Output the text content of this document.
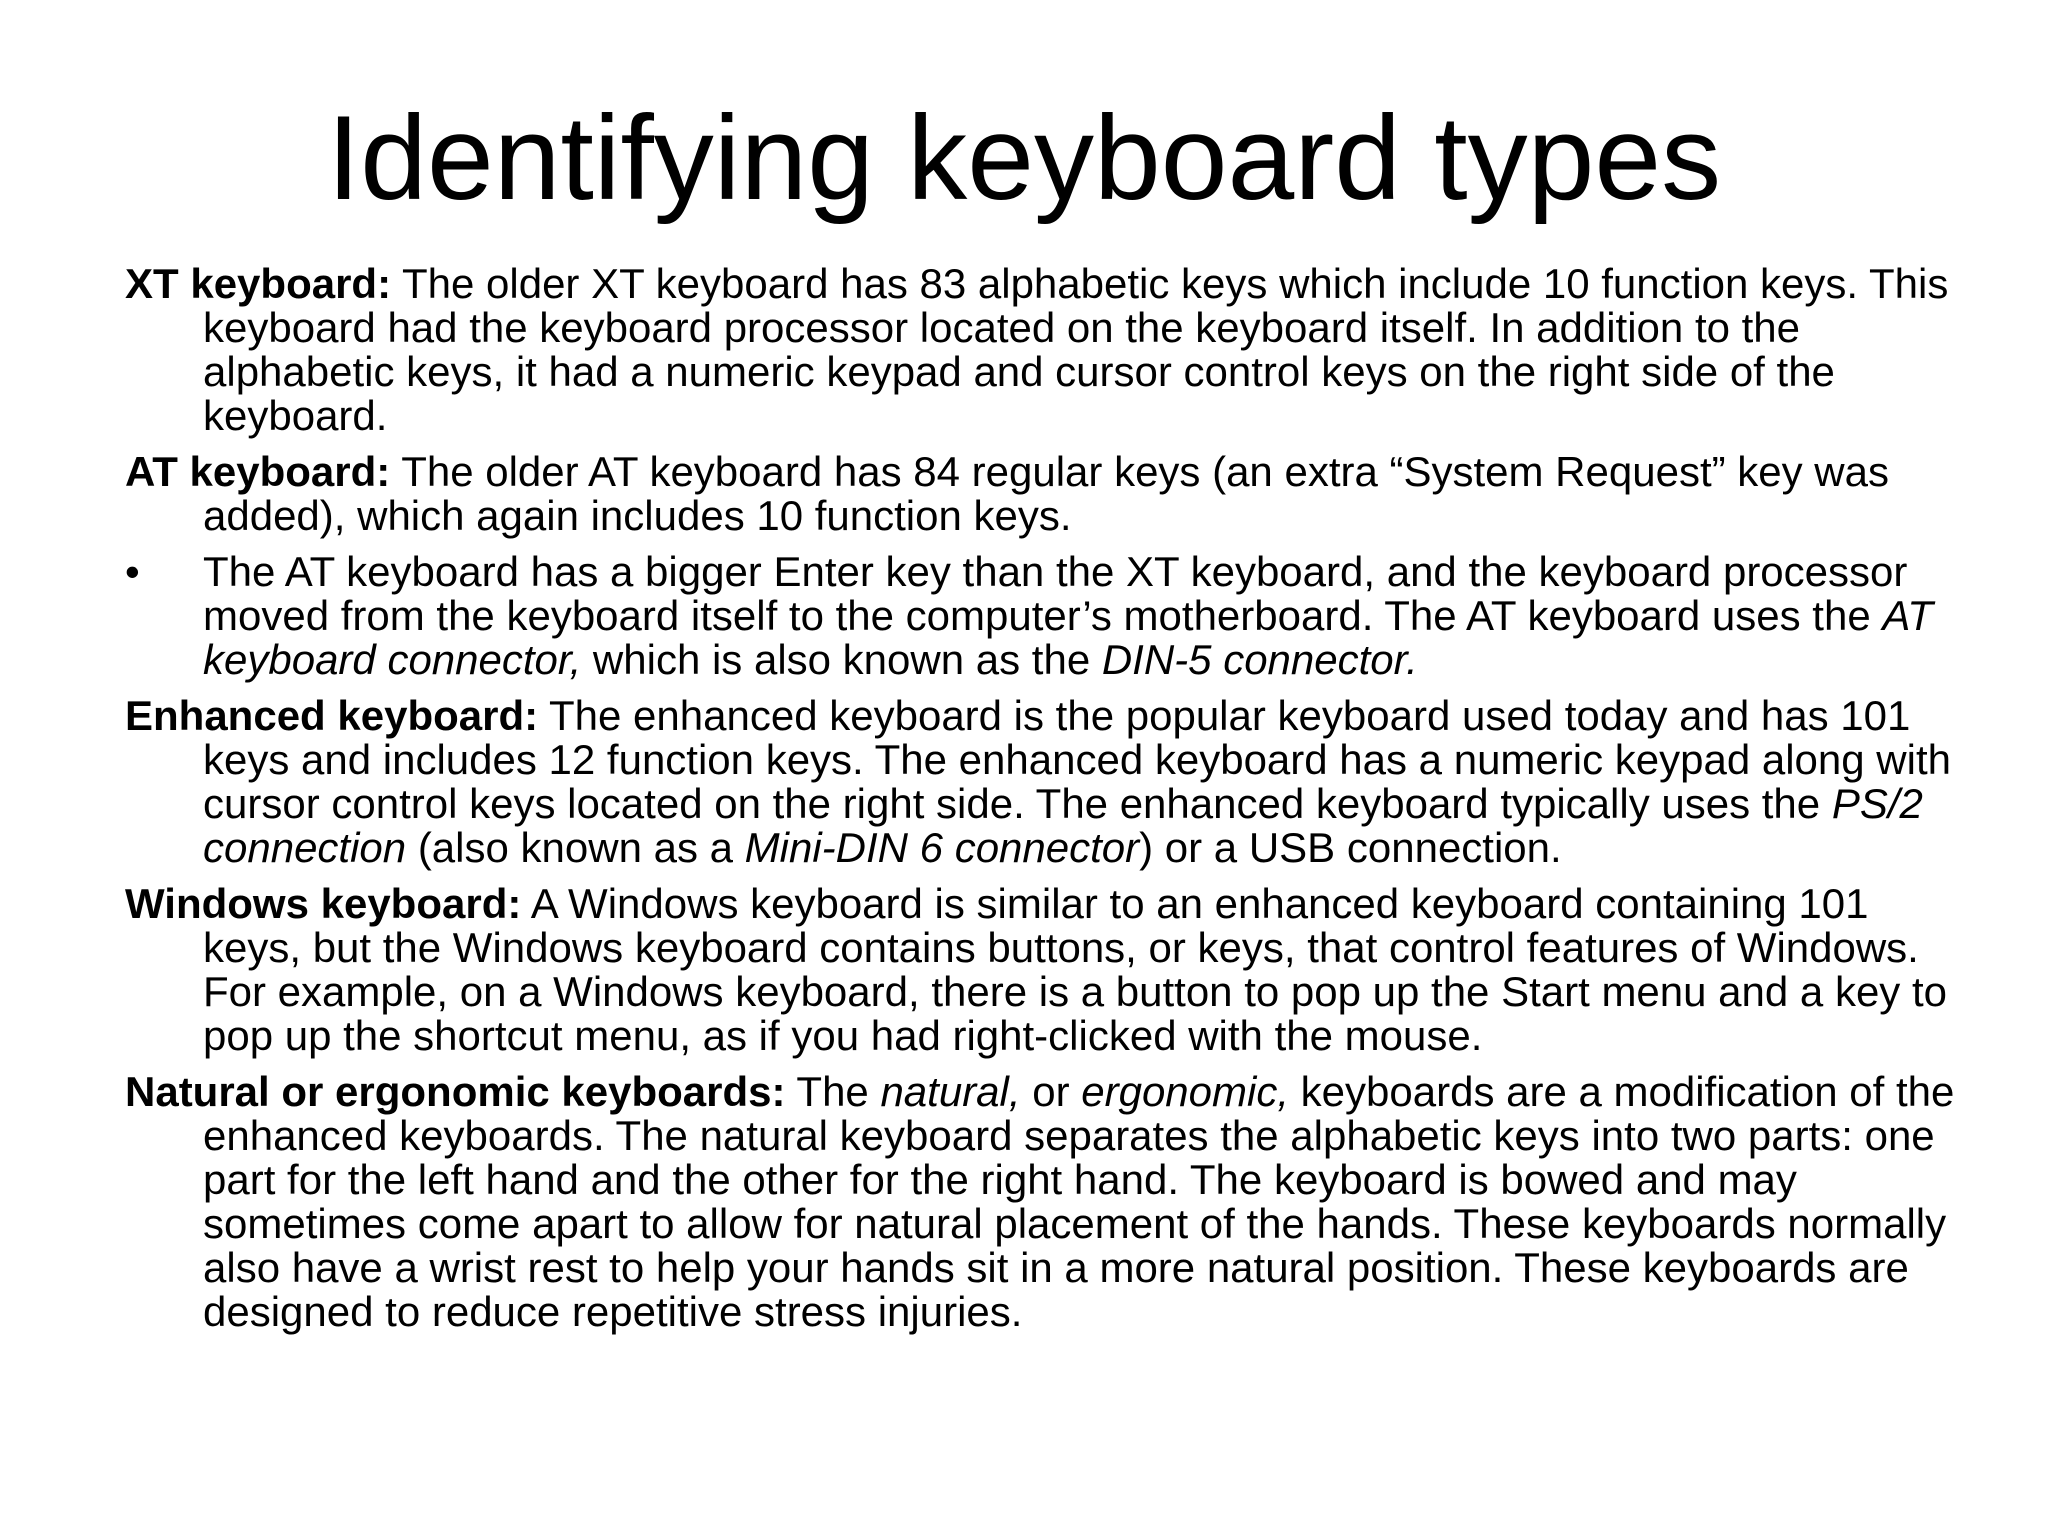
Identifying keyboard types

XT keyboard: The older XT keyboard has 83 alphabetic keys which include 10 function keys. This keyboard had the keyboard processor located on the keyboard itself. In addition to the alphabetic keys, it had a numeric keypad and cursor control keys on the right side of the keyboard.

AT keyboard: The older AT keyboard has 84 regular keys (an extra “System Request” key was added), which again includes 10 function keys.

•	The AT keyboard has a bigger Enter key than the XT keyboard, and the keyboard processor moved from the keyboard itself to the computer’s motherboard. The AT keyboard uses the AT keyboard connector, which is also known as the DIN-5 connector.

Enhanced keyboard: The enhanced keyboard is the popular keyboard used today and has 101 keys and includes 12 function keys. The enhanced keyboard has a numeric keypad along with cursor control keys located on the right side. The enhanced keyboard typically uses the PS/2 connection (also known as a Mini-DIN 6 connector) or a USB connection.

Windows keyboard: A Windows keyboard is similar to an enhanced keyboard containing 101 keys, but the Windows keyboard contains buttons, or keys, that control features of Windows. For example, on a Windows keyboard, there is a button to pop up the Start menu and a key to pop up the shortcut menu, as if you had right-clicked with the mouse.

Natural or ergonomic keyboards: The natural, or ergonomic, keyboards are a modification of the enhanced keyboards. The natural keyboard separates the alphabetic keys into two parts: one part for the left hand and the other for the right hand. The keyboard is bowed and may sometimes come apart to allow for natural placement of the hands. These keyboards normally also have a wrist rest to help your hands sit in a more natural position. These keyboards are designed to reduce repetitive stress injuries.
